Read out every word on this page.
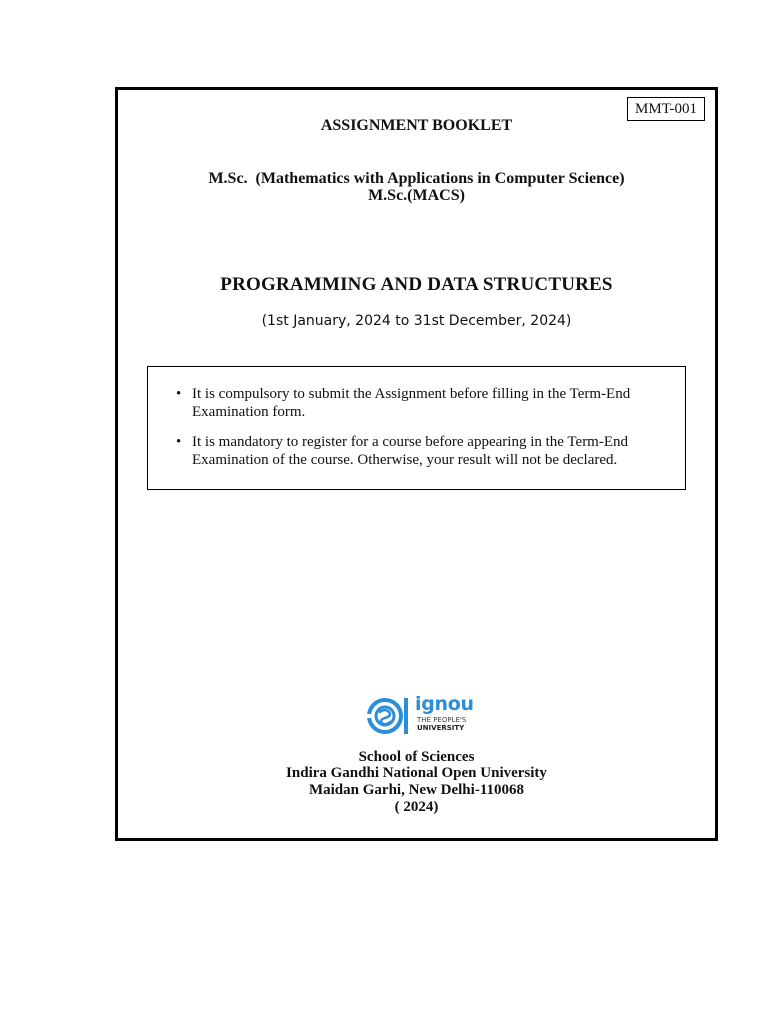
MMT-001
ASSIGNMENT BOOKLET
M.Sc.  (Mathematics with Applications in Computer Science)
M.Sc.(MACS)
PROGRAMMING AND DATA STRUCTURES
(1st January, 2024 to 31st December, 2024)
• It is compulsory to submit the Assignment before filling in the Term-End Examination form.
• It is mandatory to register for a course before appearing in the Term-End Examination of the course. Otherwise, your result will not be declared.
ignou
THE PEOPLE'S
UNIVERSITY
School of Sciences
Indira Gandhi National Open University
Maidan Garhi, New Delhi-110068
( 2024)
